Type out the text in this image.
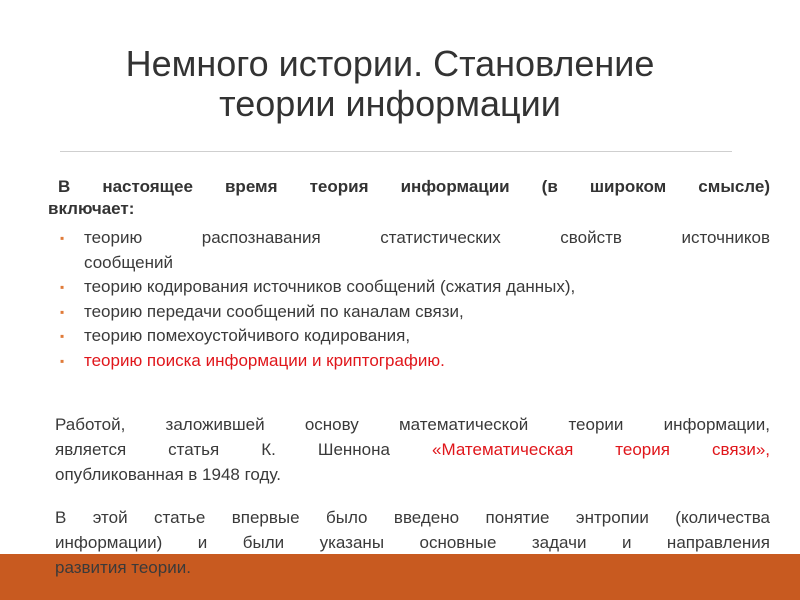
Немного истории. Становление
теории информации
В настоящее время теория информации (в широком смысле)
включает:
▪	теорию распознавания статистических свойств источников
сообщений
▪	теорию кодирования источников сообщений (сжатия данных),
▪	теорию передачи сообщений по каналам связи,
▪	теорию помехоустойчивого кодирования,
▪	теорию поиска информации и криптографию.
Работой, заложившей основу математической теории информации,
является статья К. Шеннона «Математическая теория связи»,
опубликованная в 1948 году.
В этой статье впервые было введено понятие энтропии (количества
информации) и были указаны основные задачи и направления
развития теории.
